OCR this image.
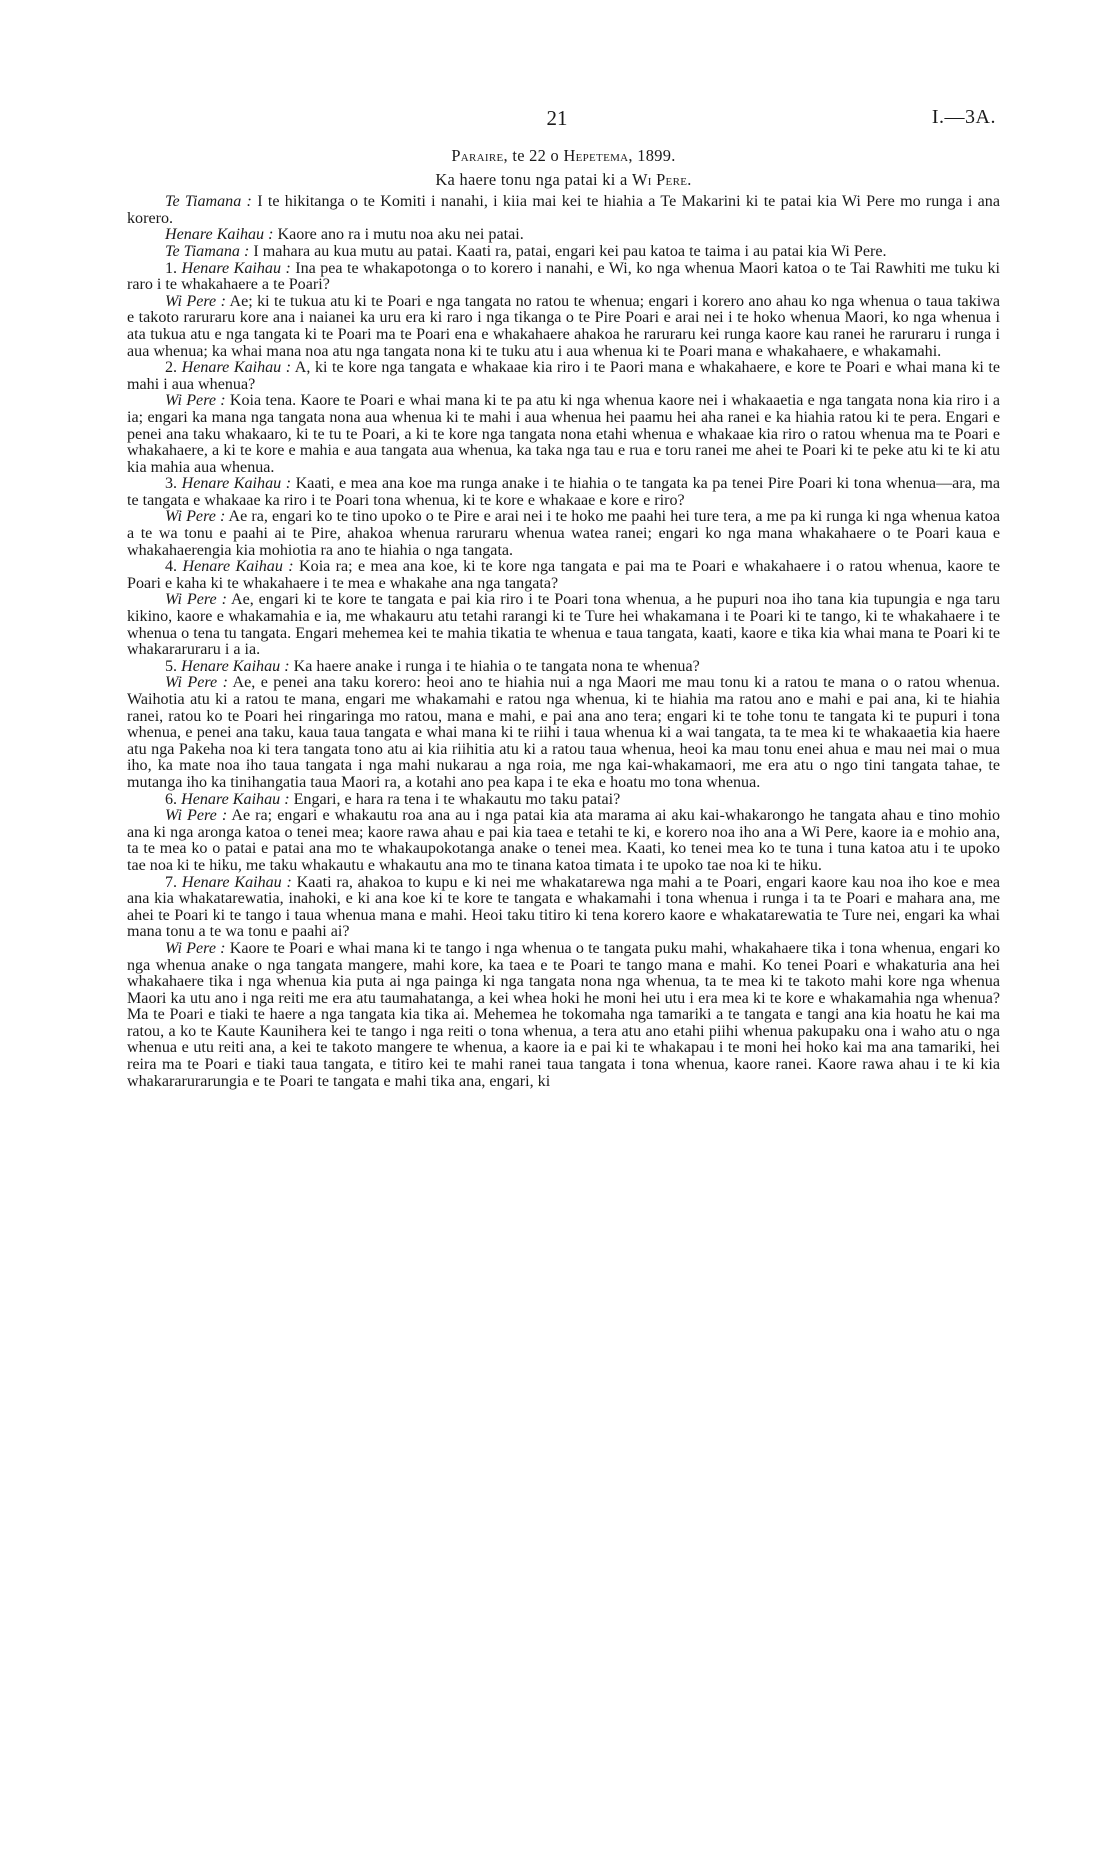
21	I.—3A.

Paraire, te 22 o Hepetema, 1899.

Ka haere tonu nga patai ki a Wi Pere.

Te Tiamana : I te hikitanga o te Komiti i nanahi, i kiia mai kei te hiahia a Te Makarini ki te patai kia Wi Pere mo runga i ana korero.

Henare Kaihau : Kaore ano ra i mutu noa aku nei patai.

Te Tiamana : I mahara au kua mutu au patai. Kaati ra, patai, engari kei pau katoa te taima i au patai kia Wi Pere.

1. Henare Kaihau : Ina pea te whakapotonga o to korero i nanahi, e Wi, ko nga whenua Maori katoa o te Tai Rawhiti me tuku ki raro i te whakahaere a te Poari?

Wi Pere : Ae; ki te tukua atu ki te Poari e nga tangata no ratou te whenua; engari i korero ano ahau ko nga whenua o taua takiwa e takoto raruraru kore ana i naianei ka uru era ki raro i nga tikanga o te Pire Poari e arai nei i te hoko whenua Maori, ko nga whenua i ata tukua atu e nga tangata ki te Poari ma te Poari ena e whakahaere ahakoa he raruraru kei runga kaore kau ranei he raruraru i runga i aua whenua; ka whai mana noa atu nga tangata nona ki te tuku atu i aua whenua ki te Poari mana e whakahaere, e whakamahi.

2. Henare Kaihau : A, ki te kore nga tangata e whakaae kia riro i te Paori mana e whakahaere, e kore te Poari e whai mana ki te mahi i aua whenua?

Wi Pere : Koia tena. Kaore te Poari e whai mana ki te pa atu ki nga whenua kaore nei i whakaaetia e nga tangata nona kia riro i a ia; engari ka mana nga tangata nona aua whenua ki te mahi i aua whenua hei paamu hei aha ranei e ka hiahia ratou ki te pera. Engari e penei ana taku whakaaro, ki te tu te Poari, a ki te kore nga tangata nona etahi whenua e whakaae kia riro o ratou whenua ma te Poari e whakahaere, a ki te kore e mahia e aua tangata aua whenua, ka taka nga tau e rua e toru ranei me ahei te Poari ki te peke atu ki te ki atu kia mahia aua whenua.

3. Henare Kaihau : Kaati, e mea ana koe ma runga anake i te hiahia o te tangata ka pa tenei Pire Poari ki tona whenua—ara, ma te tangata e whakaae ka riro i te Poari tona whenua, ki te kore e whakaae e kore e riro?

Wi Pere : Ae ra, engari ko te tino upoko o te Pire e arai nei i te hoko me paahi hei ture tera, a me pa ki runga ki nga whenua katoa a te wa tonu e paahi ai te Pire, ahakoa whenua raruraru whenua watea ranei; engari ko nga mana whakahaere o te Poari kaua e whakahaerengia kia mohiotia ra ano te hiahia o nga tangata.

4. Henare Kaihau : Koia ra; e mea ana koe, ki te kore nga tangata e pai ma te Poari e whakahaere i o ratou whenua, kaore te Poari e kaha ki te whakahaere i te mea e whakahe ana nga tangata?

Wi Pere : Ae, engari ki te kore te tangata e pai kia riro i te Poari tona whenua, a he pupuri noa iho tana kia tupungia e nga taru kikino, kaore e whakamahia e ia, me whakauru atu tetahi rarangi ki te Ture hei whakamana i te Poari ki te tango, ki te whakahaere i te whenua o tena tu tangata. Engari mehemea kei te mahia tikatia te whenua e taua tangata, kaati, kaore e tika kia whai mana te Poari ki te whakararuraru i a ia.

5. Henare Kaihau : Ka haere anake i runga i te hiahia o te tangata nona te whenua?

Wi Pere : Ae, e penei ana taku korero: heoi ano te hiahia nui a nga Maori me mau tonu ki a ratou te mana o o ratou whenua. Waihotia atu ki a ratou te mana, engari me whakamahi e ratou nga whenua, ki te hiahia ma ratou ano e mahi e pai ana, ki te hiahia ranei, ratou ko te Poari hei ringaringa mo ratou, mana e mahi, e pai ana ano tera; engari ki te tohe tonu te tangata ki te pupuri i tona whenua, e penei ana taku, kaua taua tangata e whai mana ki te riihi i taua whenua ki a wai tangata, ta te mea ki te whakaaetia kia haere atu nga Pakeha noa ki tera tangata tono atu ai kia riihitia atu ki a ratou taua whenua, heoi ka mau tonu enei ahua e mau nei mai o mua iho, ka mate noa iho taua tangata i nga mahi nukarau a nga roia, me nga kai-whakamaori, me era atu o ngo tini tangata tahae, te mutanga iho ka tinihangatia taua Maori ra, a kotahi ano pea kapa i te eka e hoatu mo tona whenua.

6. Henare Kaihau : Engari, e hara ra tena i te whakautu mo taku patai?

Wi Pere : Ae ra; engari e whakautu roa ana au i nga patai kia ata marama ai aku kai-whakarongo he tangata ahau e tino mohio ana ki nga aronga katoa o tenei mea; kaore rawa ahau e pai kia taea e tetahi te ki, e korero noa iho ana a Wi Pere, kaore ia e mohio ana, ta te mea ko o patai e patai ana mo te whakaupokotanga anake o tenei mea. Kaati, ko tenei mea ko te tuna i tuna katoa atu i te upoko tae noa ki te hiku, me taku whakautu e whakautu ana mo te tinana katoa timata i te upoko tae noa ki te hiku.

7. Henare Kaihau : Kaati ra, ahakoa to kupu e ki nei me whakatarewa nga mahi a te Poari, engari kaore kau noa iho koe e mea ana kia whakatarewatia, inahoki, e ki ana koe ki te kore te tangata e whakamahi i tona whenua i runga i ta te Poari e mahara ana, me ahei te Poari ki te tango i taua whenua mana e mahi. Heoi taku titiro ki tena korero kaore e whakatarewatia te Ture nei, engari ka whai mana tonu a te wa tonu e paahi ai?

Wi Pere : Kaore te Poari e whai mana ki te tango i nga whenua o te tangata puku mahi, whakahaere tika i tona whenua, engari ko nga whenua anake o nga tangata mangere, mahi kore, ka taea e te Poari te tango mana e mahi. Ko tenei Poari e whakaturia ana hei whakahaere tika i nga whenua kia puta ai nga painga ki nga tangata nona nga whenua, ta te mea ki te takoto mahi kore nga whenua Maori ka utu ano i nga reiti me era atu taumahatanga, a kei whea hoki he moni hei utu i era mea ki te kore e whakamahia nga whenua? Ma te Poari e tiaki te haere a nga tangata kia tika ai. Mehemea he tokomaha nga tamariki a te tangata e tangi ana kia hoatu he kai ma ratou, a ko te Kaute Kaunihera kei te tango i nga reiti o tona whenua, a tera atu ano etahi piihi whenua pakupaku ona i waho atu o nga whenua e utu reiti ana, a kei te takoto mangere te whenua, a kaore ia e pai ki te whakapau i te moni hei hoko kai ma ana tamariki, hei reira ma te Poari e tiaki taua tangata, e titiro kei te mahi ranei taua tangata i tona whenua, kaore ranei. Kaore rawa ahau i te ki kia whakararurarungia e te Poari te tangata e mahi tika ana, engari, ki
